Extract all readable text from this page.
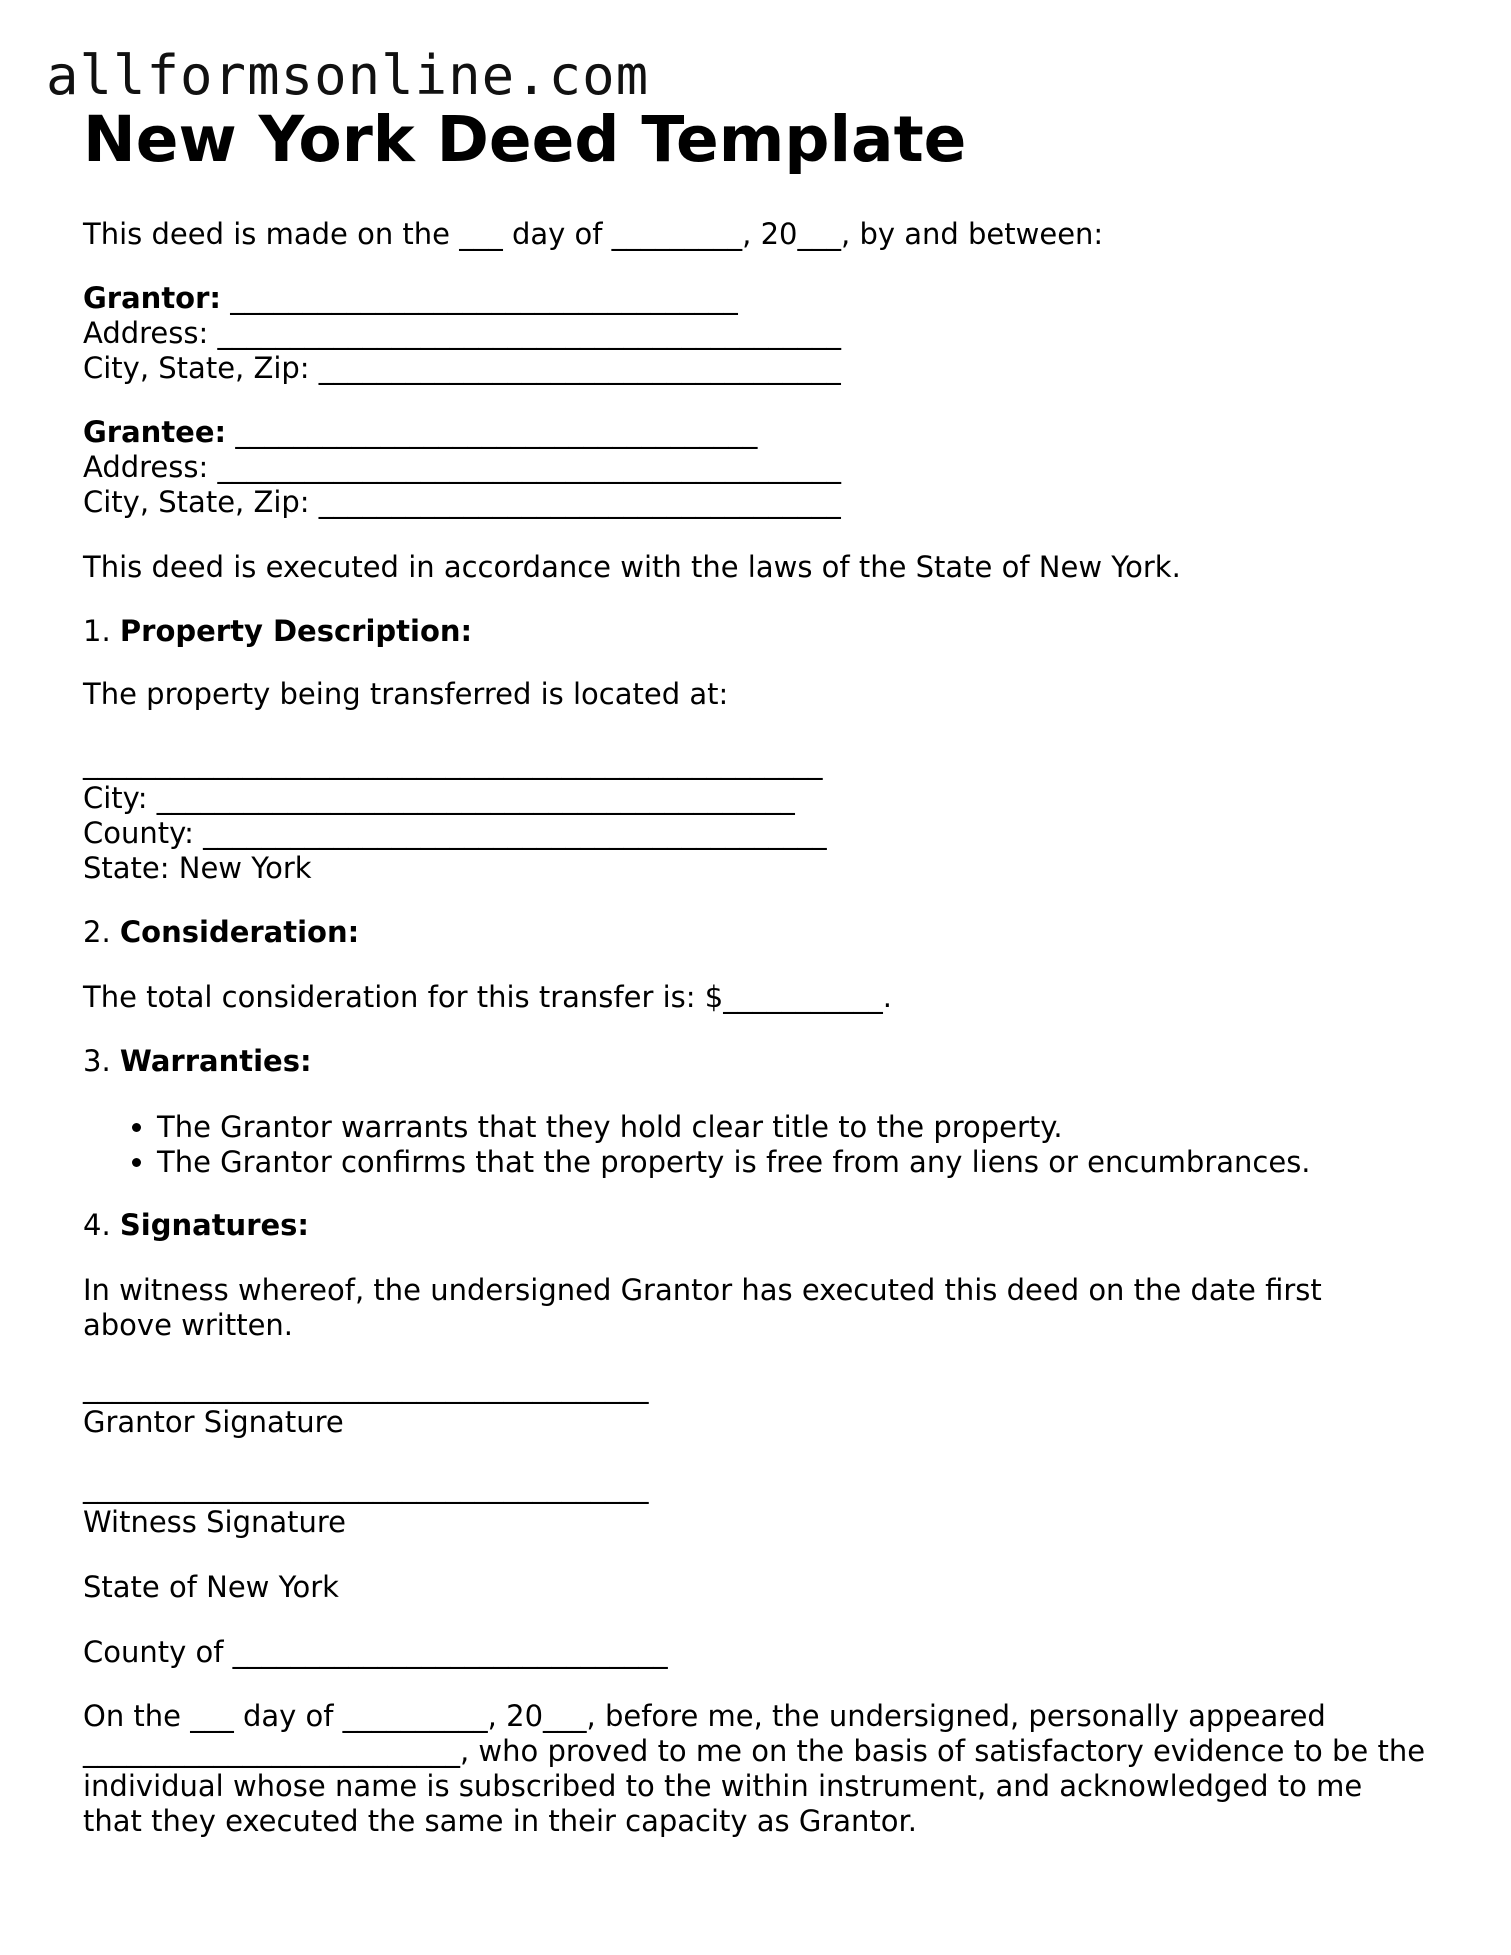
allformsonline.com
New York Deed Template

This deed is made on the ___ day of _________, 20___, by and between:

Grantor: ___________________________________

Address: ___________________________________________

City, State, Zip: ____________________________________

Grantee: ____________________________________

Address: ___________________________________________

City, State, Zip: ____________________________________

This deed is executed in accordance with the laws of the State of New York.

1. Property Description:

The property being transferred is located at:

___________________________________________________

City: ____________________________________________

County: ___________________________________________

State: New York

2. Consideration:

The total consideration for this transfer is: $___________.

3. Warranties:

• The Grantor warrants that they hold clear title to the property.
• The Grantor confirms that the property is free from any liens or encumbrances.

4. Signatures:

In witness whereof, the undersigned Grantor has executed this deed on the date first above written.

_______________________________________

Grantor Signature

_______________________________________

Witness Signature

State of New York

County of ______________________________

On the ___ day of __________, 20___, before me, the undersigned, personally appeared __________________________, who proved to me on the basis of satisfactory evidence to be the individual whose name is subscribed to the within instrument, and acknowledged to me that they executed the same in their capacity as Grantor.
